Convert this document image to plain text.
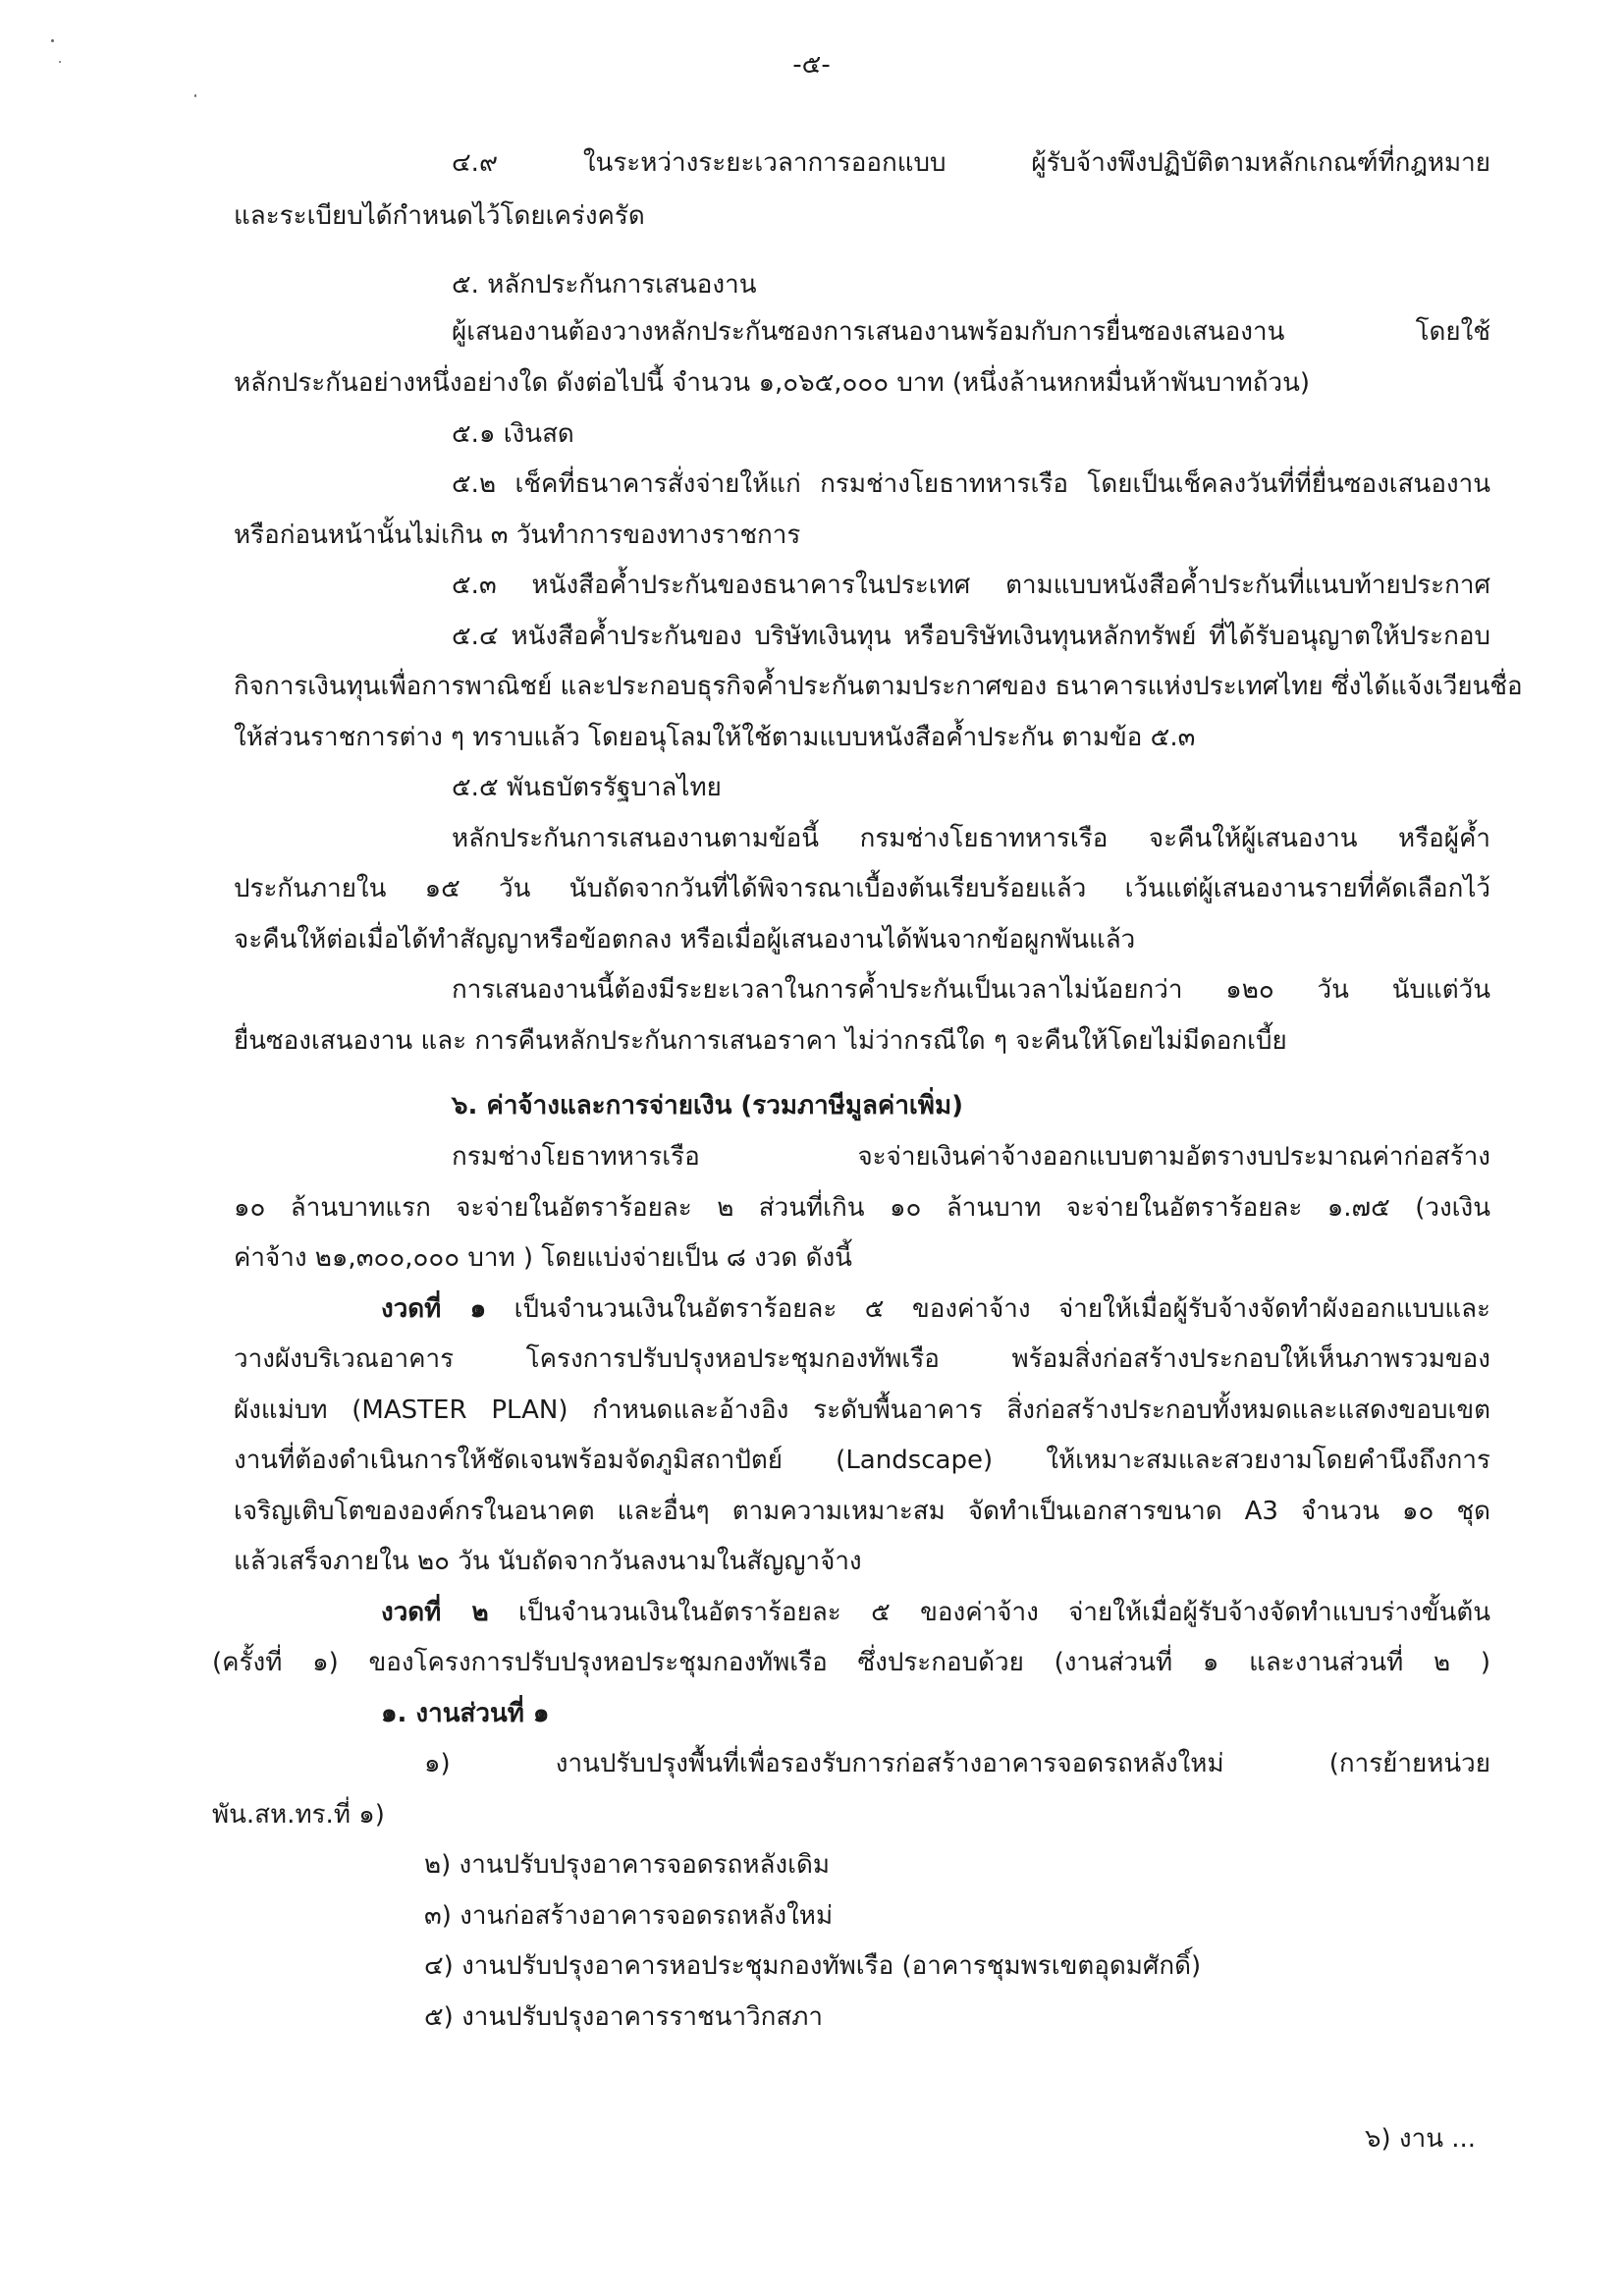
-๕-
๔.๙ ในระหว่างระยะเวลาการออกแบบ ผู้รับจ้างพึงปฏิบัติตามหลักเกณฑ์ที่กฎหมาย
และระเบียบได้กำหนดไว้โดยเคร่งครัด
๕. หลักประกันการเสนองาน
ผู้เสนองานต้องวางหลักประกันซองการเสนองานพร้อมกับการยื่นซองเสนองาน โดยใช้
หลักประกันอย่างหนึ่งอย่างใด ดังต่อไปนี้ จำนวน ๑,๐๖๕,๐๐๐ บาท (หนึ่งล้านหกหมื่นห้าพันบาทถ้วน)
๕.๑ เงินสด
๕.๒ เช็คที่ธนาคารสั่งจ่ายให้แก่ กรมช่างโยธาทหารเรือ โดยเป็นเช็คลงวันที่ที่ยื่นซองเสนองาน
หรือก่อนหน้านั้นไม่เกิน ๓ วันทำการของทางราชการ
๕.๓ หนังสือค้ำประกันของธนาคารในประเทศ ตามแบบหนังสือค้ำประกันที่แนบท้ายประกาศ
๕.๔ หนังสือค้ำประกันของ บริษัทเงินทุน หรือบริษัทเงินทุนหลักทรัพย์ ที่ได้รับอนุญาตให้ประกอบ
กิจการเงินทุนเพื่อการพาณิชย์ และประกอบธุรกิจค้ำประกันตามประกาศของ ธนาคารแห่งประเทศไทย ซึ่งได้แจ้งเวียนชื่อ
ให้ส่วนราชการต่าง ๆ ทราบแล้ว โดยอนุโลมให้ใช้ตามแบบหนังสือค้ำประกัน ตามข้อ ๕.๓
๕.๕ พันธบัตรรัฐบาลไทย
หลักประกันการเสนองานตามข้อนี้ กรมช่างโยธาทหารเรือ จะคืนให้ผู้เสนองาน หรือผู้ค้ำ
ประกันภายใน ๑๕ วัน นับถัดจากวันที่ได้พิจารณาเบื้องต้นเรียบร้อยแล้ว เว้นแต่ผู้เสนองานรายที่คัดเลือกไว้
จะคืนให้ต่อเมื่อได้ทำสัญญาหรือข้อตกลง หรือเมื่อผู้เสนองานได้พ้นจากข้อผูกพันแล้ว
การเสนองานนี้ต้องมีระยะเวลาในการค้ำประกันเป็นเวลาไม่น้อยกว่า ๑๒๐ วัน นับแต่วัน
ยื่นซองเสนองาน และ การคืนหลักประกันการเสนอราคา ไม่ว่ากรณีใด ๆ จะคืนให้โดยไม่มีดอกเบี้ย
๖. ค่าจ้างและการจ่ายเงิน (รวมภาษีมูลค่าเพิ่ม)
กรมช่างโยธาทหารเรือ จะจ่ายเงินค่าจ้างออกแบบตามอัตรางบประมาณค่าก่อสร้าง
๑๐ ล้านบาทแรก จะจ่ายในอัตราร้อยละ ๒ ส่วนที่เกิน ๑๐ ล้านบาท จะจ่ายในอัตราร้อยละ ๑.๗๕ (วงเงิน
ค่าจ้าง ๒๑,๓๐๐,๐๐๐ บาท ) โดยแบ่งจ่ายเป็น ๘ งวด ดังนี้
งวดที่ ๑ เป็นจำนวนเงินในอัตราร้อยละ ๕ ของค่าจ้าง จ่ายให้เมื่อผู้รับจ้างจัดทำผังออกแบบและ
วางผังบริเวณอาคาร โครงการปรับปรุงหอประชุมกองทัพเรือ พร้อมสิ่งก่อสร้างประกอบให้เห็นภาพรวมของ
ผังแม่บท (MASTER PLAN) กำหนดและอ้างอิง ระดับพื้นอาคาร สิ่งก่อสร้างประกอบทั้งหมดและแสดงขอบเขต
งานที่ต้องดำเนินการให้ชัดเจนพร้อมจัดภูมิสถาปัตย์ (Landscape) ให้เหมาะสมและสวยงามโดยคำนึงถึงการ
เจริญเติบโตขององค์กรในอนาคต และอื่นๆ ตามความเหมาะสม จัดทำเป็นเอกสารขนาด A3 จำนวน ๑๐ ชุด
แล้วเสร็จภายใน ๒๐ วัน นับถัดจากวันลงนามในสัญญาจ้าง
งวดที่ ๒ เป็นจำนวนเงินในอัตราร้อยละ ๕ ของค่าจ้าง จ่ายให้เมื่อผู้รับจ้างจัดทำแบบร่างขั้นต้น
(ครั้งที่ ๑) ของโครงการปรับปรุงหอประชุมกองทัพเรือ ซึ่งประกอบด้วย (งานส่วนที่ ๑ และงานส่วนที่ ๒ )
๑. งานส่วนที่ ๑
๑) งานปรับปรุงพื้นที่เพื่อรองรับการก่อสร้างอาคารจอดรถหลังใหม่ (การย้ายหน่วย
พัน.สห.ทร.ที่ ๑)
๒) งานปรับปรุงอาคารจอดรถหลังเดิม
๓) งานก่อสร้างอาคารจอดรถหลังใหม่
๔) งานปรับปรุงอาคารหอประชุมกองทัพเรือ (อาคารชุมพรเขตอุดมศักดิ์)
๕) งานปรับปรุงอาคารราชนาวิกสภา
๖) งาน ...
